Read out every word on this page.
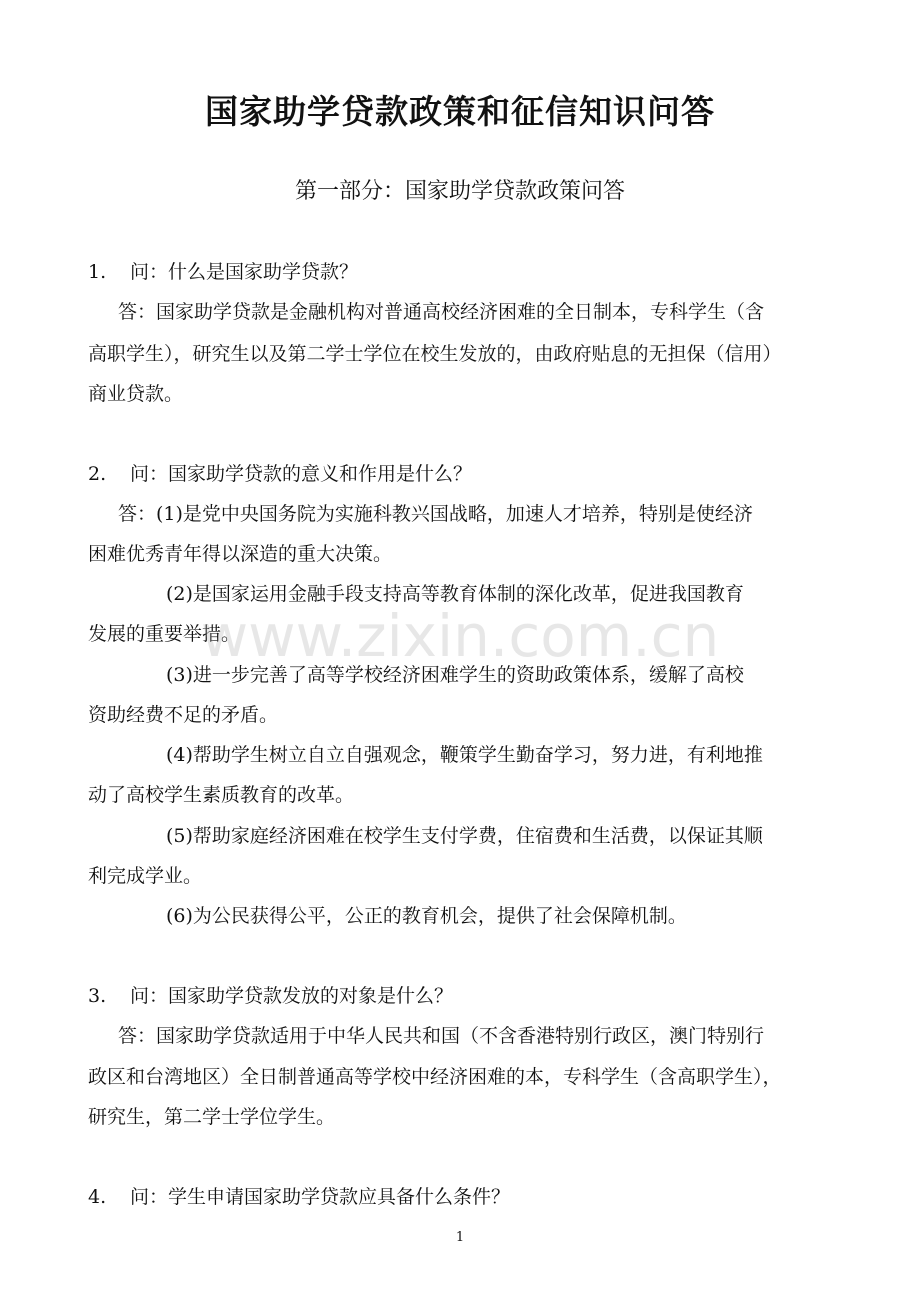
国家助学贷款政策和征信知识问答
第一部分：国家助学贷款政策问答
1. 问：什么是国家助学贷款？
答：国家助学贷款是金融机构对普通高校经济困难的全日制本，专科学生（含
高职学生），研究生以及第二学士学位在校生发放的，由政府贴息的无担保（信用）
商业贷款。
2. 问：国家助学贷款的意义和作用是什么？
答：(1)是党中央国务院为实施科教兴国战略，加速人才培养，特别是使经济
困难优秀青年得以深造的重大决策。
(2)是国家运用金融手段支持高等教育体制的深化改革，促进我国教育
发展的重要举措。
(3)进一步完善了高等学校经济困难学生的资助政策体系，缓解了高校
资助经费不足的矛盾。
(4)帮助学生树立自立自强观念，鞭策学生勤奋学习，努力进，有利地推
动了高校学生素质教育的改革。
(5)帮助家庭经济困难在校学生支付学费，住宿费和生活费，以保证其顺
利完成学业。
(6)为公民获得公平，公正的教育机会，提供了社会保障机制。
3. 问：国家助学贷款发放的对象是什么？
答：国家助学贷款适用于中华人民共和国（不含香港特别行政区，澳门特别行
政区和台湾地区）全日制普通高等学校中经济困难的本，专科学生（含高职学生），
研究生，第二学士学位学生。
4. 问：学生申请国家助学贷款应具备什么条件？
www.zixin.com.cn
1
